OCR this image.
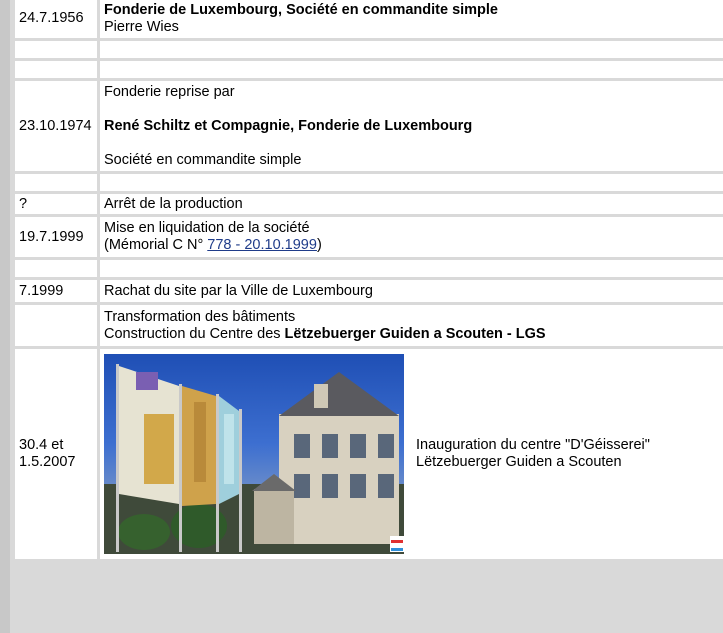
24.7.1956	Fonderie de Luxembourg, Société en commandite simple
Pierre Wies

23.10.1974	Fonderie reprise par
René Schiltz et Compagnie, Fonderie de Luxembourg
Société en commandite simple

?	Arrêt de la production
19.7.1999	Mise en liquidation de la société
(Mémorial C N° 778 - 20.10.1999)

7.1999	Rachat du site par la Ville de Luxembourg
	Transformation des bâtiments
Construction du Centre des Lëtzebuerger Guiden a Scouten - LGS
30.4 et 1.5.2007	Inauguration du centre "D'Géisserei"
Lëtzebuerger Guiden a Scouten
